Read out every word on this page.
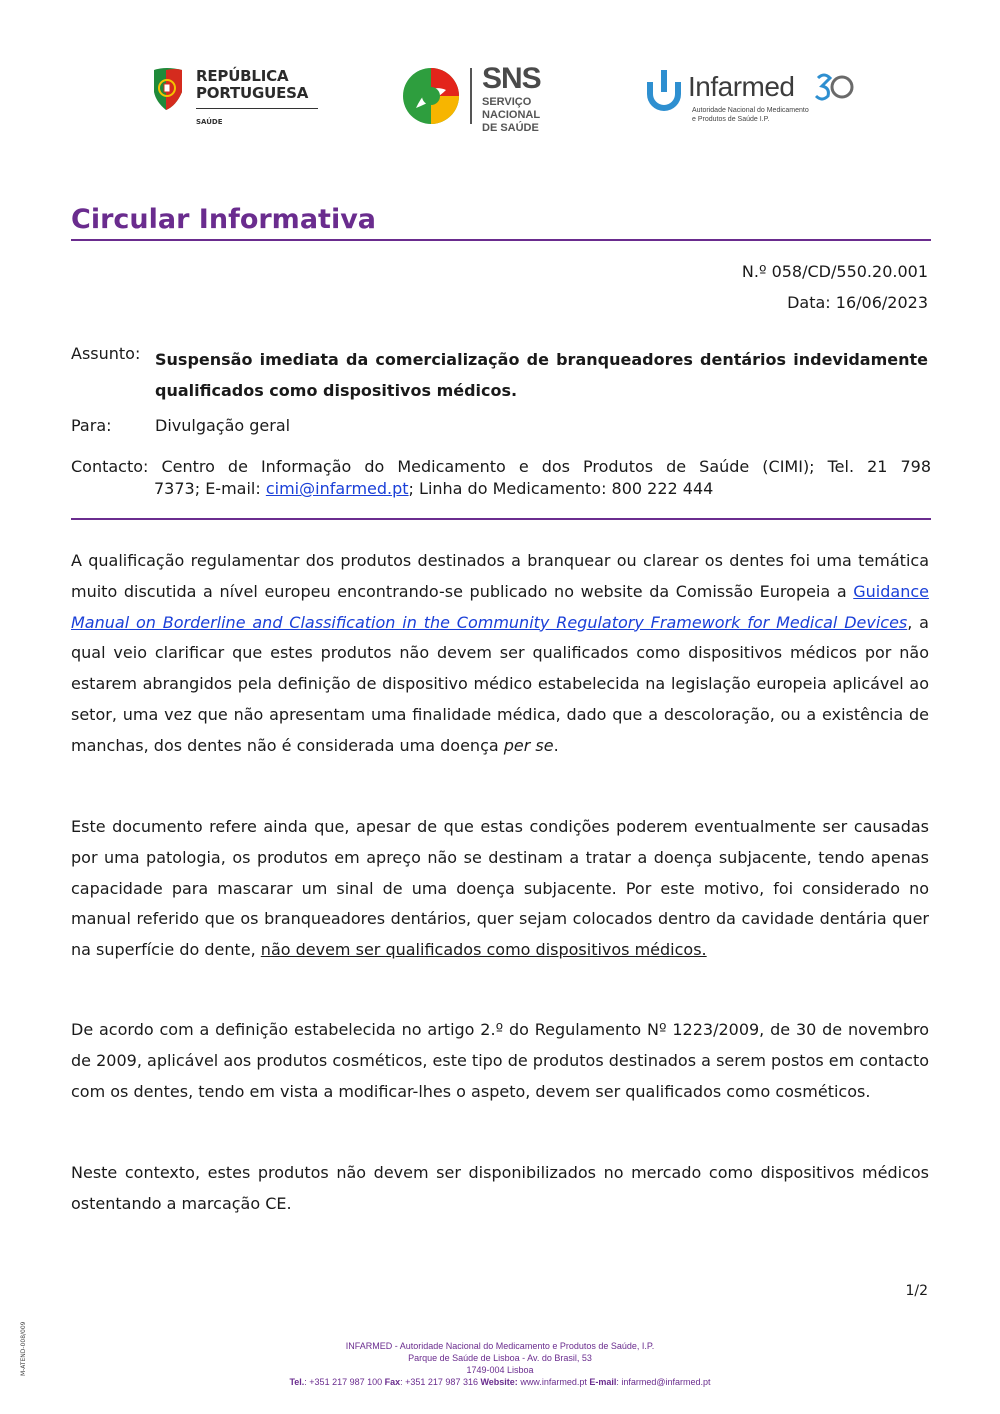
REPÚBLICA
PORTUGUESA
SAÚDE
SNS
SERVIÇO NACIONAL
DE SAÚDE
Infarmed
Autoridade Nacional do Medicamento
e Produtos de Saúde I.P.
Circular Informativa
N.º 058/CD/550.20.001
Data: 16/06/2023
Assunto: Suspensão imediata da comercialização de branqueadores dentários indevidamente qualificados como dispositivos médicos.
Para:	Divulgação geral
Contacto: Centro de Informação do Medicamento e dos Produtos de Saúde (CIMI); Tel. 21 798
7373; E-mail: cimi@infarmed.pt; Linha do Medicamento: 800 222 444
A qualificação regulamentar dos produtos destinados a branquear ou clarear os dentes foi uma temática muito discutida a nível europeu encontrando-se publicado no website da Comissão Europeia a Guidance Manual on Borderline and Classification in the Community Regulatory Framework for Medical Devices, a qual veio clarificar que estes produtos não devem ser qualificados como dispositivos médicos por não estarem abrangidos pela definição de dispositivo médico estabelecida na legislação europeia aplicável ao setor, uma vez que não apresentam uma finalidade médica, dado que a descoloração, ou a existência de manchas, dos dentes não é considerada uma doença per se.
Este documento refere ainda que, apesar de que estas condições poderem eventualmente ser causadas por uma patologia, os produtos em apreço não se destinam a tratar a doença subjacente, tendo apenas capacidade para mascarar um sinal de uma doença subjacente. Por este motivo, foi considerado no manual referido que os branqueadores dentários, quer sejam colocados dentro da cavidade dentária quer na superfície do dente, não devem ser qualificados como dispositivos médicos.
De acordo com a definição estabelecida no artigo 2.º do Regulamento Nº 1223/2009, de 30 de novembro de 2009, aplicável aos produtos cosméticos, este tipo de produtos destinados a serem postos em contacto com os dentes, tendo em vista a modificar-lhes o aspeto, devem ser qualificados como cosméticos.
Neste contexto, estes produtos não devem ser disponibilizados no mercado como dispositivos médicos ostentando a marcação CE.
1/2
M-ATEND-008/009	INFARMED - Autoridade Nacional do Medicamento e Produtos de Saúde, I.P.
Parque de Saúde de Lisboa - Av. do Brasil, 53
1749-004 Lisboa
Tel.: +351 217 987 100 Fax: +351 217 987 316 Website: www.infarmed.pt E-mail: infarmed@infarmed.pt
